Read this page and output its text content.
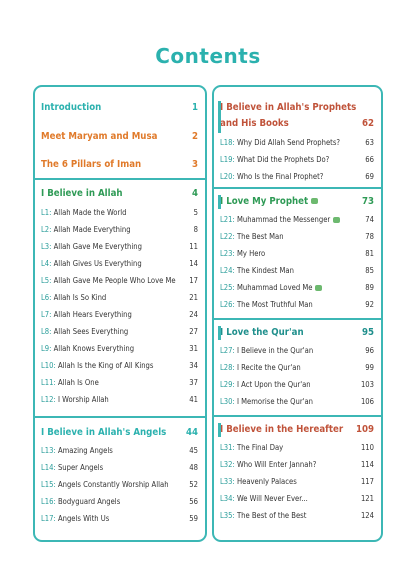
Contents
Introduction	1
Meet Maryam and Musa	2
The 6 Pillars of Iman	3
I Believe in Allah	4
L1: Allah Made the World	5
L2: Allah Made Everything	8
L3: Allah Gave Me Everything	11
L4: Allah Gives Us Everything	14
L5: Allah Gave Me People Who Love Me 17
L6: Allah Is So Kind	21
L7: Allah Hears Everything	24
L8: Allah Sees Everything	27
L9: Allah Knows Everything	31
L10: Allah Is the King of All Kings	34
L11: Allah Is One	37
L12: I Worship Allah	41
I Believe in Allah's Angels 44
L13: Amazing Angels	45
L14: Super Angels	48
L15: Angels Constantly Worship Allah	52
L16: Bodyguard Angels	56
L17: Angels With Us	59
I Believe in Allah's Prophets
and His Books	62
L18: Why Did Allah Send Prophets?	63
L19: What Did the Prophets Do?	66
L20: Who Is the Final Prophet?	69
I Love My Prophet	73
L21: Muhammad the Messenger	74
L22: The Best Man	78
L23: My Hero	81
L24: The Kindest Man	85
L25: Muhammad Loved Me	89
L26: The Most Truthful Man	92
I Love the Qur'an	95
L27: I Believe in the Qur'an	96
L28: I Recite the Qur'an	99
L29: I Act Upon the Qur'an	103
L30: I Memorise the Qur'an	106
I Believe in the Hereafter 109
L31: The Final Day	110
L32: Who Will Enter Jannah?	114
L33: Heavenly Palaces	117
L34: We Will Never Ever...	121
L35: The Best of the Best	124
